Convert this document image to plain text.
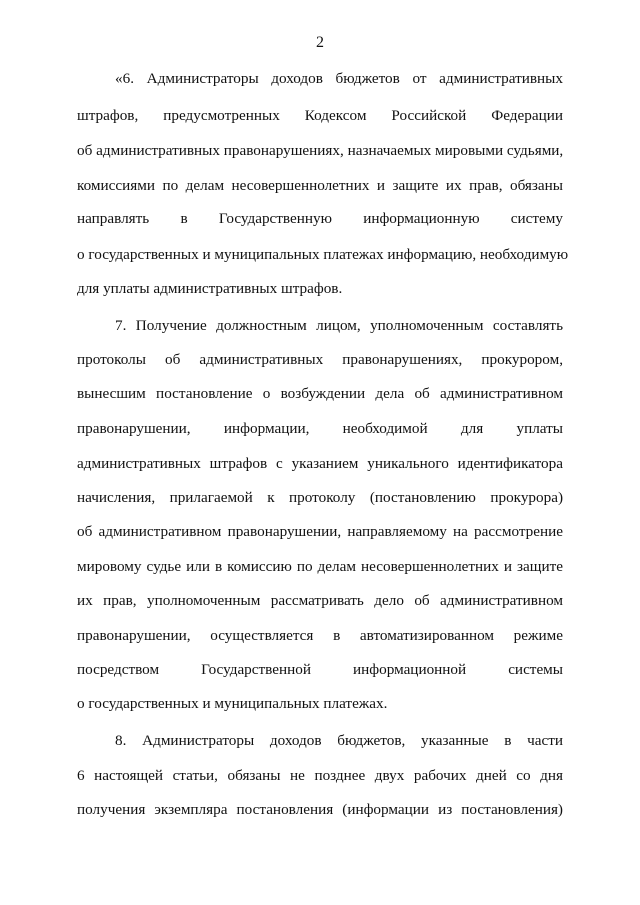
2
«6. Администраторы доходов бюджетов от административных
штрафов, предусмотренных Кодексом Российской Федерации
об административных правонарушениях, назначаемых мировыми судьями,
комиссиями по делам несовершеннолетних и защите их прав, обязаны
направлять в Государственную информационную систему
о государственных и муниципальных платежах информацию, необходимую
для уплаты административных штрафов.
7. Получение должностным лицом, уполномоченным составлять
протоколы об административных правонарушениях, прокурором,
вынесшим постановление о возбуждении дела об административном
правонарушении, информации, необходимой для уплаты
административных штрафов с указанием уникального идентификатора
начисления, прилагаемой к протоколу (постановлению прокурора)
об административном правонарушении, направляемому на рассмотрение
мировому судье или в комиссию по делам несовершеннолетних и защите
их прав, уполномоченным рассматривать дело об административном
правонарушении, осуществляется в автоматизированном режиме
посредством Государственной информационной системы
о государственных и муниципальных платежах.
8. Администраторы доходов бюджетов, указанные в части
6 настоящей статьи, обязаны не позднее двух рабочих дней со дня
получения экземпляра постановления (информации из постановления)
